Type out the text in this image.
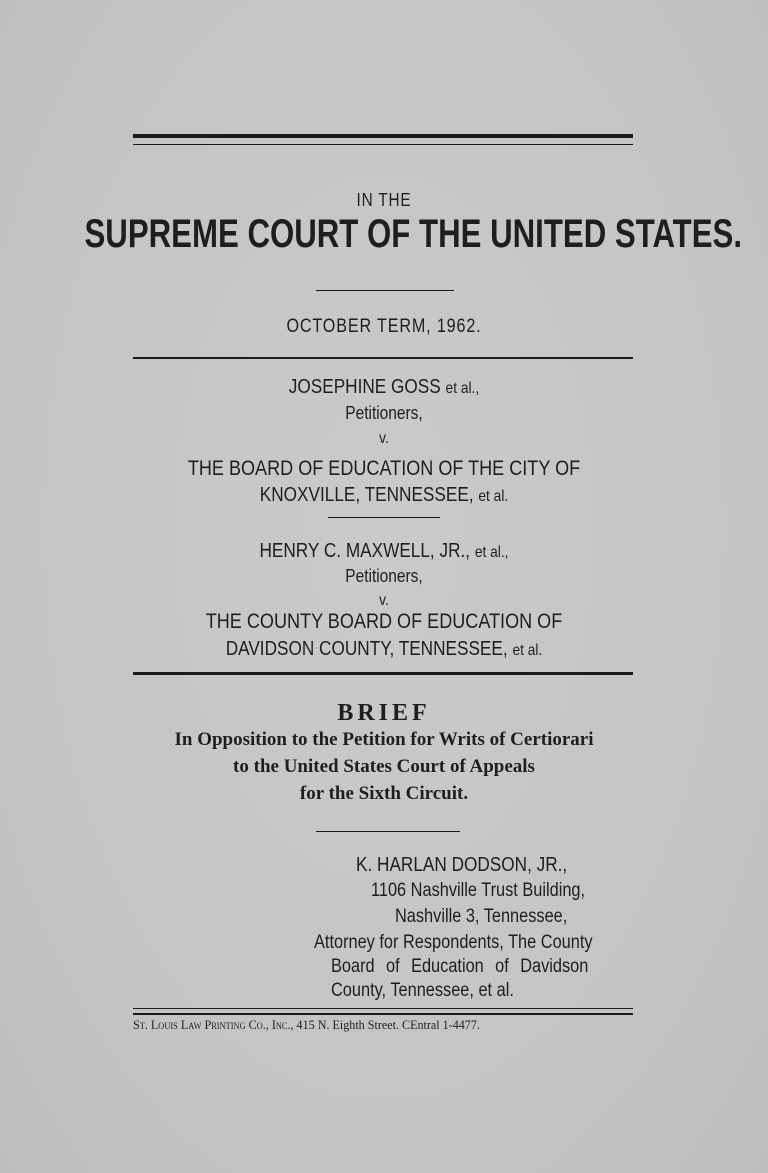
IN THE
SUPREME COURT OF THE UNITED STATES.
OCTOBER TERM, 1962.
JOSEPHINE GOSS et al.,
Petitioners,
v.
THE BOARD OF EDUCATION OF THE CITY OF
KNOXVILLE, TENNESSEE, et al.
HENRY C. MAXWELL, JR., et al.,
Petitioners,
v.
THE COUNTY BOARD OF EDUCATION OF
DAVIDSON COUNTY, TENNESSEE, et al.
BRIEF
In Opposition to the Petition for Writs of Certiorari
to the United States Court of Appeals
for the Sixth Circuit.
K. HARLAN DODSON, JR.,
1106 Nashville Trust Building,
Nashville 3, Tennessee,
Attorney for Respondents, The County
Board of Education of Davidson
County, Tennessee, et al.
St. Louis Law Printing Co., Inc., 415 N. Eighth Street. CEntral 1-4477.
